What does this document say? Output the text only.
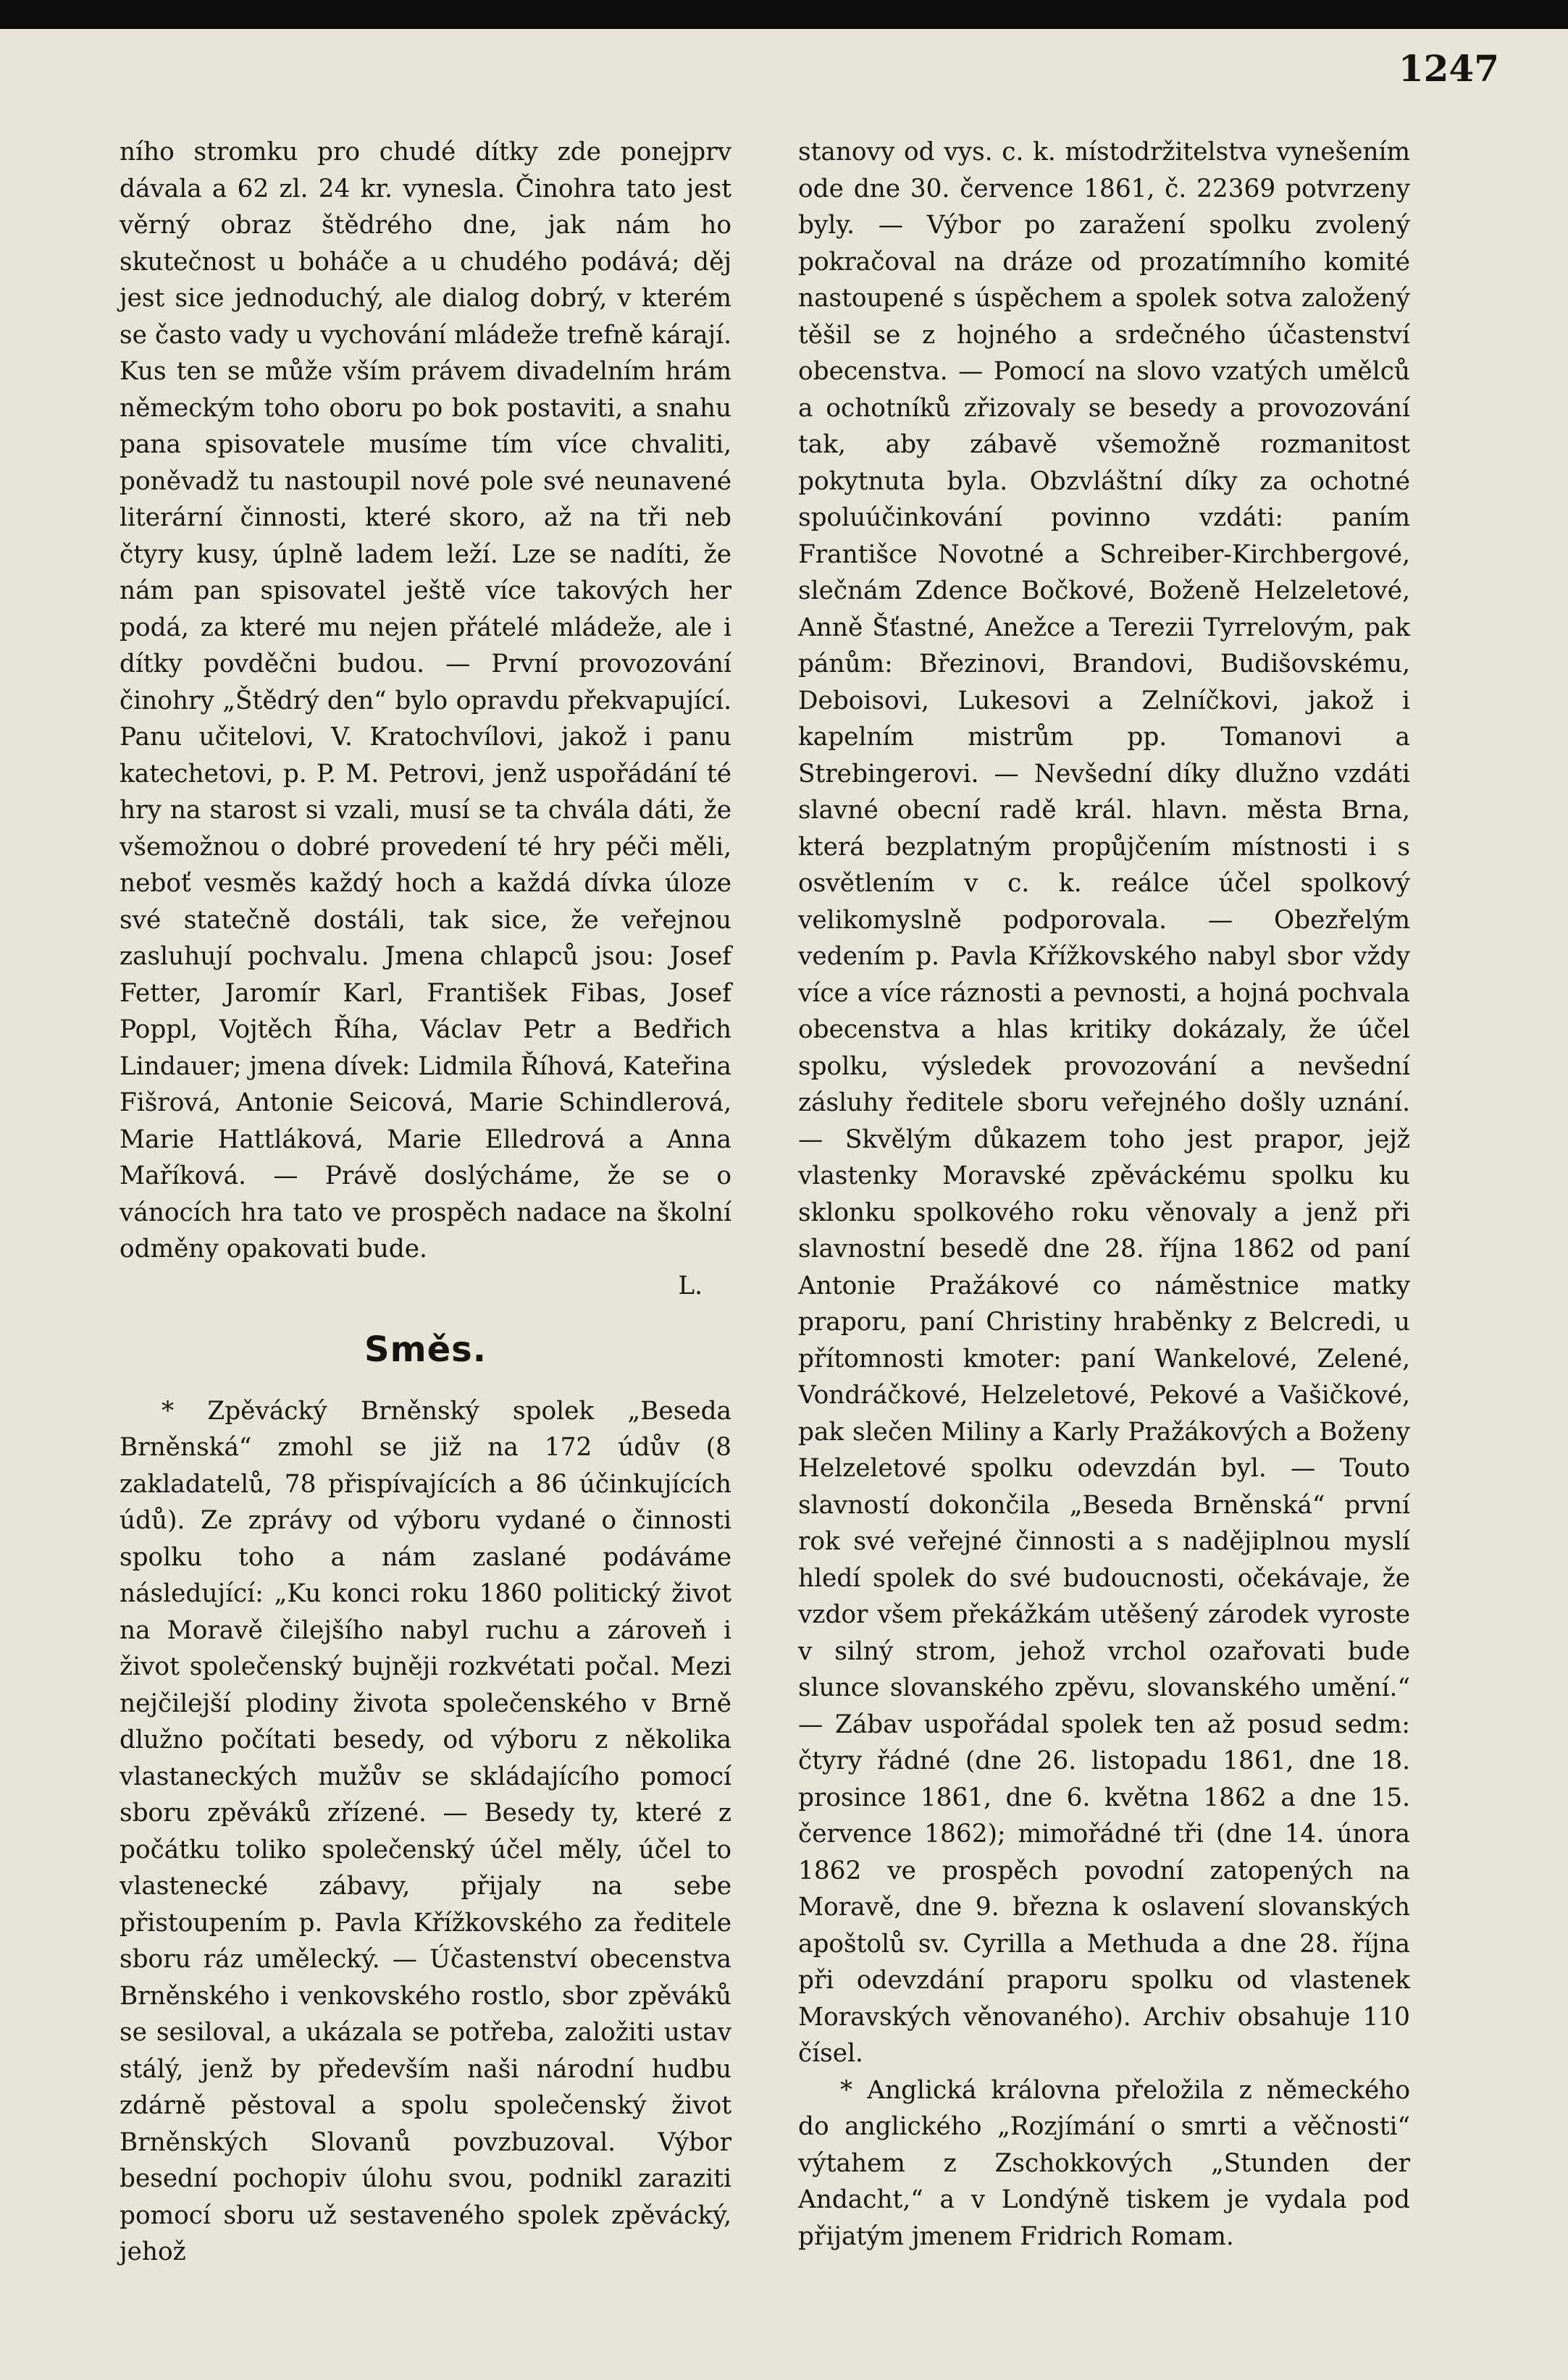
1247

ního stromku pro chudé dítky zde ponejprv dávala a 62 zl. 24 kr. vynesla. Činohra tato jest věrný obraz štědrého dne, jak nám ho skutečnost u boháče a u chudého podává; děj jest sice jednoduchý, ale dialog dobrý, v kterém se často vady u vychování mládeže trefně kárají. Kus ten se může vším právem divadelním hrám německým toho oboru po bok postaviti, a snahu pana spisovatele musíme tím více chvaliti, poněvadž tu nastoupil nové pole své neunavené literární činnosti, které skoro, až na tři neb čtyry kusy, úplně ladem leží. Lze se nadíti, že nám pan spisovatel ještě více takových her podá, za které mu nejen přátelé mládeže, ale i dítky povděčni budou. — První provozování činohry „Štědrý den“ bylo opravdu překvapující. Panu učitelovi, V. Kratochvílovi, jakož i panu katechetovi, p. P. M. Petrovi, jenž uspořádání té hry na starost si vzali, musí se ta chvála dáti, že všemožnou o dobré provedení té hry péči měli, neboť vesměs každý hoch a každá dívka úloze své statečně dostáli, tak sice, že veřejnou zasluhují pochvalu. Jmena chlapců jsou: Josef Fetter, Jaromír Karl, František Fibas, Josef Poppl, Vojtěch Říha, Václav Petr a Bedřich Lindauer; jmena dívek: Lidmila Říhová, Kateřina Fišrová, Antonie Seicová, Marie Schindlerová, Marie Hattláková, Marie Elledrová a Anna Maříková. — Právě doslýcháme, že se o vánocích hra tato ve prospěch nadace na školní odměny opakovati bude.

L.
Směs.

* Zpěvácký Brněnský spolek „Beseda Brněnská“ zmohl se již na 172 údův (8 zakladatelů, 78 přispívajících a 86 účinkujících údů). Ze zprávy od výboru vydané o činnosti spolku toho a nám zaslané podáváme následující: „Ku konci roku 1860 politický život na Moravě čilejšího nabyl ruchu a zároveň i život společenský bujněji rozkvétati počal. Mezi nejčilejší plodiny života společenského v Brně dlužno počítati besedy, od výboru z několika vlastaneckých mužův se skládajícího pomocí sboru zpěváků zřízené. — Besedy ty, které z počátku toliko společenský účel měly, účel to vlastenecké zábavy, přijaly na sebe přistoupením p. Pavla Křížkovského za ředitele sboru ráz umělecký. — Účastenství obecenstva Brněnského i venkovského rostlo, sbor zpěváků se sesiloval, a ukázala se potřeba, založiti ustav stálý, jenž by především naši národní hudbu zdárně pěstoval a spolu společenský život Brněnských Slovanů povzbuzoval. Výbor besední pochopiv úlohu svou, podnikl zaraziti pomocí sboru už sestaveného spolek zpěvácký, jehož

stanovy od vys. c. k. místodržitelstva vynešením ode dne 30. července 1861, č. 22369 potvrzeny byly. — Výbor po zaražení spolku zvolený pokračoval na dráze od prozatímního komité nastoupené s úspěchem a spolek sotva založený těšil se z hojného a srdečného účastenství obecenstva. — Pomocí na slovo vzatých umělců a ochotníků zřizovaly se besedy a provozování tak, aby zábavě všemožně rozmanitost pokytnuta byla. Obzvláštní díky za ochotné spoluúčinkování povinno vzdáti: paním Františce Novotné a Schreiber-Kirchbergové, slečnám Zdence Bočkové, Boženě Helzeletové, Anně Šťastné, Anežce a Terezii Tyrrelovým, pak pánům: Březinovi, Brandovi, Budišovskému, Deboisovi, Lukesovi a Zelníčkovi, jakož i kapelním mistrům pp. Tomanovi a Strebingerovi. — Nevšední díky dlužno vzdáti slavné obecní radě král. hlavn. města Brna, která bezplatným propůjčením místnosti i s osvětlením v c. k. reálce účel spolkový velikomyslně podporovala. — Obezřelým vedením p. Pavla Křížkovského nabyl sbor vždy více a více ráznosti a pevnosti, a hojná pochvala obecenstva a hlas kritiky dokázaly, že účel spolku, výsledek provozování a nevšední zásluhy ředitele sboru veřejného došly uznání. — Skvělým důkazem toho jest prapor, jejž vlastenky Moravské zpěváckému spolku ku sklonku spolkového roku věnovaly a jenž při slavnostní besedě dne 28. října 1862 od paní Antonie Pražákové co náměstnice matky praporu, paní Christiny hraběnky z Belcredi, u přítomnosti kmoter: paní Wankelové, Zelené, Vondráčkové, Helzeletové, Pekové a Vašičkové, pak slečen Miliny a Karly Pražákových a Boženy Helzeletové spolku odevzdán byl. — Touto slavností dokončila „Beseda Brněnská“ první rok své veřejné činnosti a s nadějiplnou myslí hledí spolek do své budoucnosti, očekávaje, že vzdor všem překážkám utěšený zárodek vyroste v silný strom, jehož vrchol ozařovati bude slunce slovanského zpěvu, slovanského umění.“ — Zábav uspořádal spolek ten až posud sedm: čtyry řádné (dne 26. listopadu 1861, dne 18. prosince 1861, dne 6. května 1862 a dne 15. července 1862); mimořádné tři (dne 14. února 1862 ve prospěch povodní zatopených na Moravě, dne 9. března k oslavení slovanských apoštolů sv. Cyrilla a Methuda a dne 28. října při odevzdání praporu spolku od vlastenek Moravských věnovaného). Archiv obsahuje 110 čísel.

* Anglická královna přeložila z německého do anglického „Rozjímání o smrti a věčnosti“ výtahem z Zschokkových „Stunden der Andacht,“ a v Londýně tiskem je vydala pod přijatým jmenem Fridrich Romam.
